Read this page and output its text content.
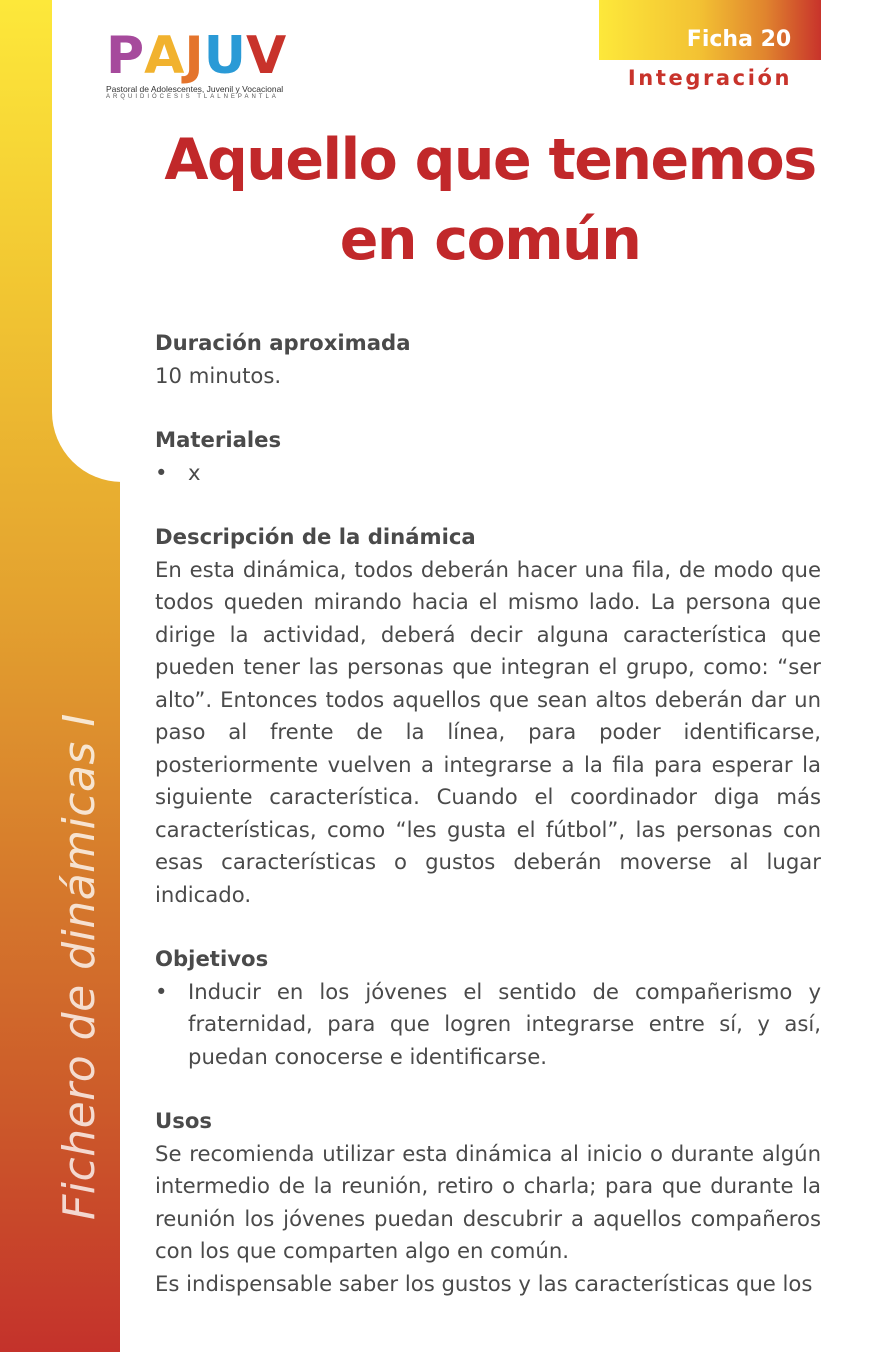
Fichero de dinámicas I
P A J U V
Pastoral de Adolescentes, Juvenil y Vocacional
ARQUIDIÓCESIS TLALNEPANTLA
Ficha 20
Integración
Aquello que tenemos
en común

Duración aproximada

10 minutos.

Materiales

• x

Descripción de la dinámica

En esta dinámica, todos deberán hacer una fila, de modo que todos queden mirando hacia el mismo lado. La persona que dirige la actividad, deberá decir alguna característica que pueden tener las personas que integran el grupo, como: “ser alto”. Entonces todos aquellos que sean altos deberán dar un paso al frente de la línea, para poder identificarse, posteriormente vuelven a integrarse a la fila para esperar la siguiente característica. Cuando el coordinador diga más características, como “les gusta el fútbol”, las personas con esas características o gustos deberán moverse al lugar indicado.

Objetivos

• Inducir en los jóvenes el sentido de compañerismo y fraternidad, para que logren integrarse entre sí, y así, puedan conocerse e identificarse.

Usos

Se recomienda utilizar esta dinámica al inicio o durante algún intermedio de la reunión, retiro o charla; para que durante la reunión los jóvenes puedan descubrir a aquellos compañeros con los que comparten algo en común.

Es indispensable saber los gustos y las características que los
